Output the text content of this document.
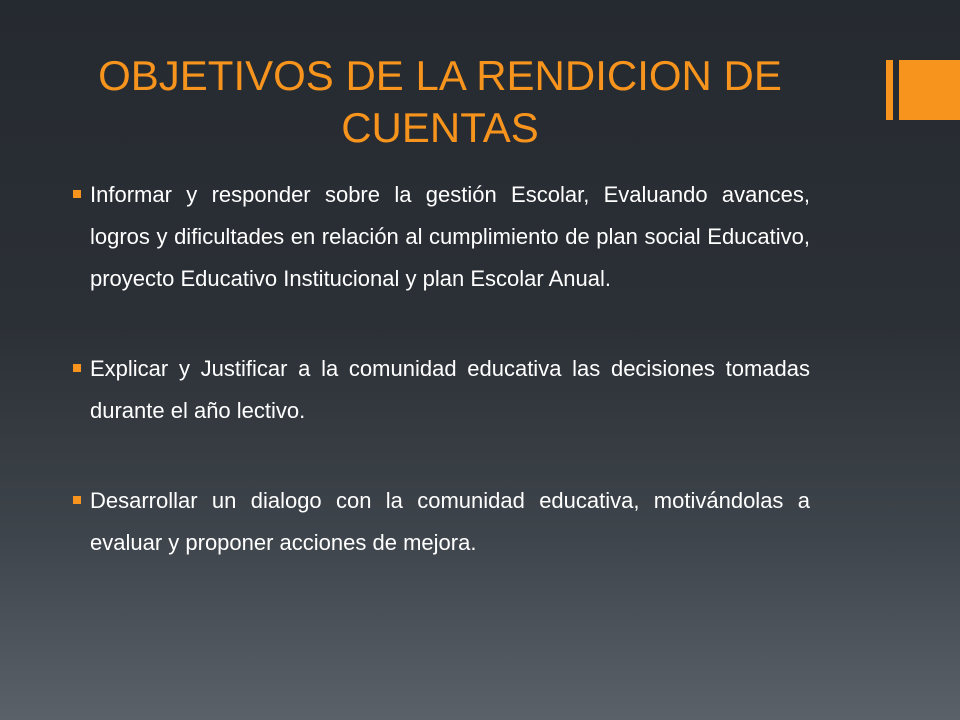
OBJETIVOS DE LA RENDICION DE CUENTAS
Informar y responder sobre la gestión Escolar, Evaluando avances, logros y dificultades en relación al cumplimiento de plan social Educativo, proyecto Educativo Institucional y plan Escolar Anual.
Explicar y Justificar a la comunidad educativa las decisiones tomadas durante el año lectivo.
Desarrollar un dialogo con la comunidad educativa, motivándolas a evaluar y proponer acciones de mejora.
